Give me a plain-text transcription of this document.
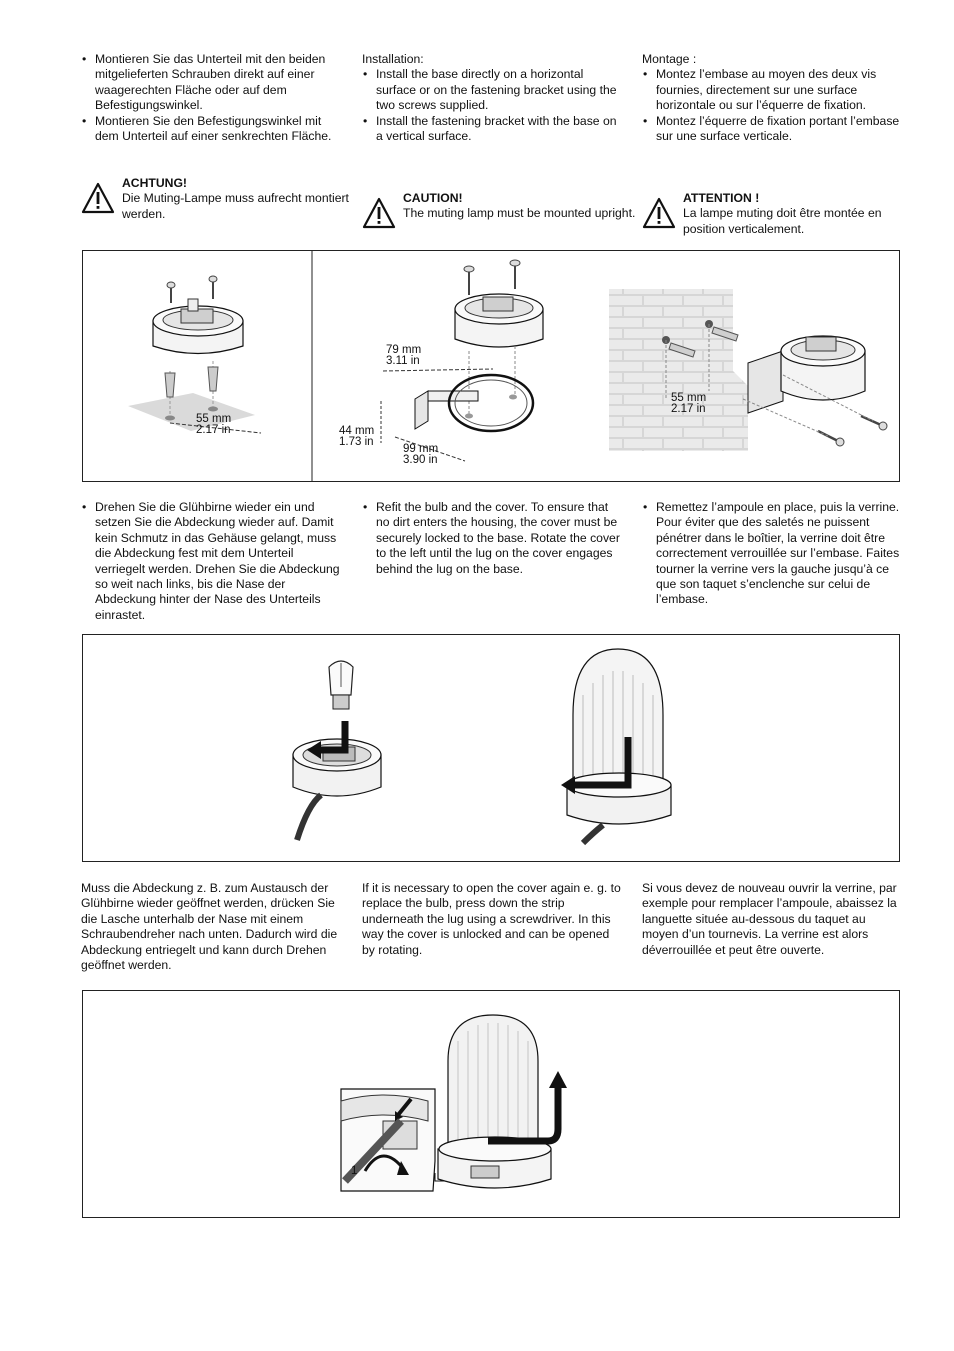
• Montieren Sie das Unterteil mit den beiden mitgelieferten Schrauben direkt auf einer waagerechten Fläche oder auf dem Befestigungswinkel.
• Montieren Sie den Befestigungswinkel mit dem Unterteil auf einer senkrechten Fläche.

Installation:

• Install the base directly on a horizontal surface or on the fastening bracket using the two screws supplied.
• Install the fastening bracket with the base on a vertical surface.

Montage :

• Montez l’embase au moyen des deux vis fournies, directement sur une surface horizontale ou sur l’équerre de fixation.
• Montez l’équerre de fixation portant l’embase sur une surface verticale.
ACHTUNG!
Die Muting-Lampe muss aufrecht montiert werden.
CAUTION!
The muting lamp must be mounted upright.
ATTENTION !
La lampe muting doit être montée en position verticalement.
55 mm
2.17 in
79 mm
3.11 in
44 mm
1.73 in
99 mm
3.90 in
55 mm
2.17 in
• Drehen Sie die Glühbirne wieder ein und setzen Sie die Abdeckung wieder auf. Damit kein Schmutz in das Gehäuse gelangt, muss die Abdeckung fest mit dem Unterteil verriegelt werden. Drehen Sie die Abdeckung so weit nach links, bis die Nase der Abdeckung hinter der Nase des Unterteils einrastet.
• Refit the bulb and the cover. To ensure that no dirt enters the housing, the cover must be securely locked to the base. Rotate the cover to the left until the lug on the cover engages behind the lug on the base.
• Remettez l’ampoule en place, puis la verrine. Pour éviter que des saletés ne puissent pénétrer dans le boîtier, la verrine doit être correctement verrouillée sur l’embase. Faites tourner la verrine vers la gauche jusqu’à ce que son taquet s’enclenche sur celui de l’embase.

Muss die Abdeckung z. B. zum Austausch der Glühbirne wieder geöffnet werden, drücken Sie die Lasche unterhalb der Nase mit einem Schraubendreher nach unten. Dadurch wird die Abdeckung entriegelt und kann durch Drehen geöffnet werden.

If it is necessary to open the cover again e. g. to replace the bulb, press down the strip underneath the lug using a screwdriver. In this way the cover is unlocked and can be opened by rotating.

Si vous devez de nouveau ouvrir la verrine, par exemple pour remplacer l’ampoule, abaissez la languette située au-dessous du taquet au moyen d’un tournevis. La verrine est alors déverrouillée et peut être ouverte.

1
